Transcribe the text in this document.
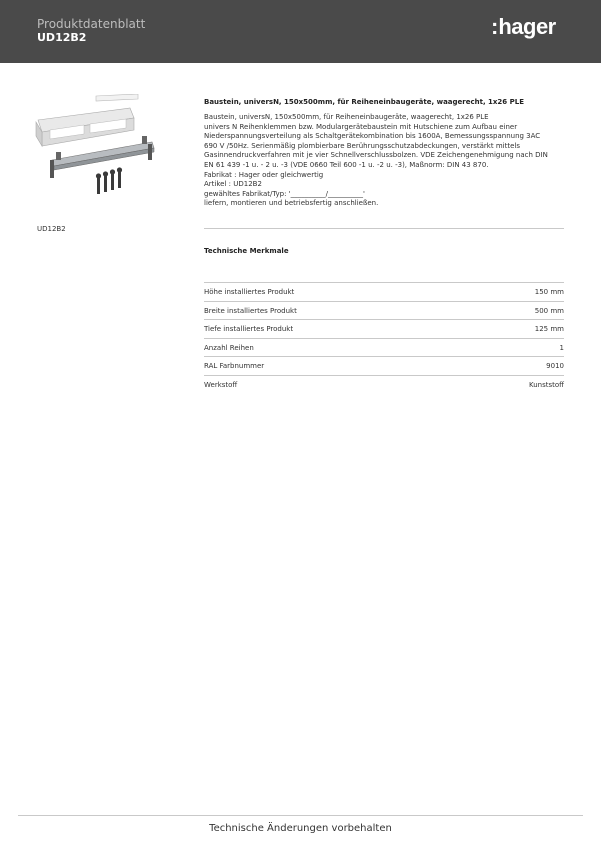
Produktdatenblatt
UD12B2	:hager
UD12B2
Baustein, universN, 150x500mm, für Reiheneinbaugeräte, waagerecht, 1x26 PLE
Baustein, universN, 150x500mm, für Reiheneinbaugeräte, waagerecht, 1x26 PLE
univers N Reihenklemmen bzw. Modulargerätebaustein mit Hutschiene zum Aufbau einer
Niederspannungsverteilung als Schaltgerätekombination bis 1600A, Bemessungsspannung 3AC
690 V /50Hz. Serienmäßig plombierbare Berührungsschutzabdeckungen, verstärkt mittels
Gasinnendruckverfahren mit je vier Schnellverschlussbolzen. VDE Zeichengenehmigung nach DIN
EN 61 439 -1 u. - 2 u. -3 (VDE 0660 Teil 600 -1 u. -2 u. -3), Maßnorm: DIN 43 870.
Fabrikat : Hager oder gleichwertig
Artikel : UD12B2
gewähltes Fabrikat/Typ: '__________/__________'
liefern, montieren und betriebsfertig anschließen.
Technische Merkmale
Höhe installiertes Produkt	150 mm
Breite installiertes Produkt	500 mm
Tiefe installiertes Produkt	125 mm
Anzahl Reihen	1
RAL Farbnummer	9010
Werkstoff	Kunststoff
Technische Änderungen vorbehalten
